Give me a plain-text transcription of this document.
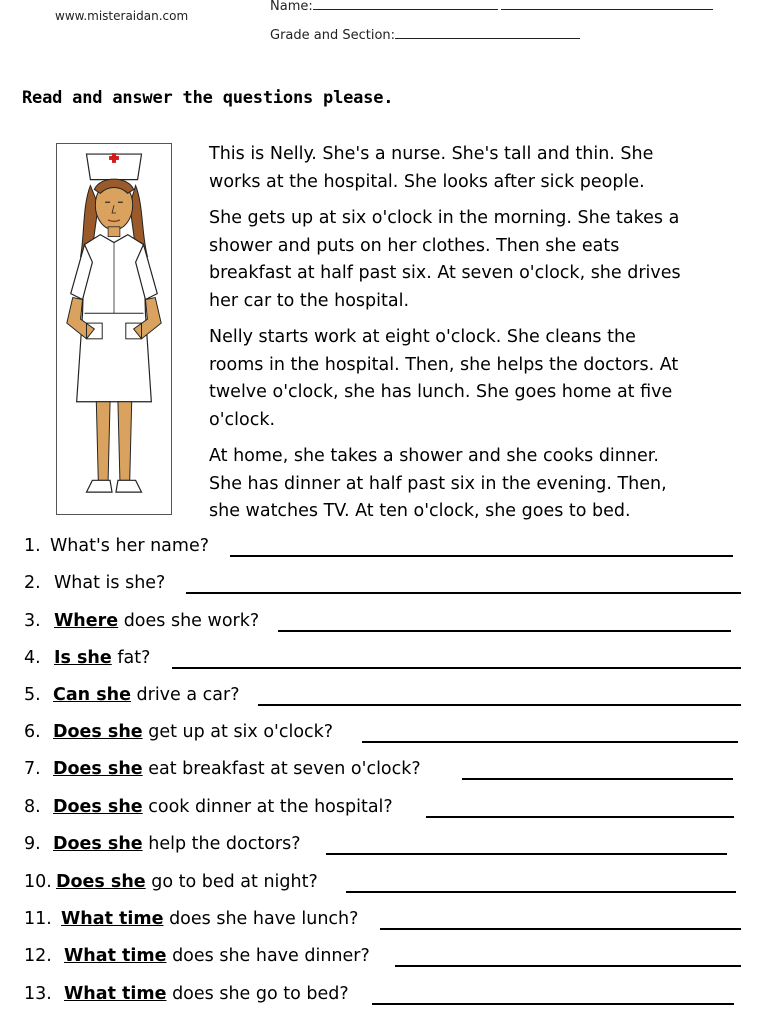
www.misteraidan.com
Name:
Grade and Section:
Read and answer the questions please.

This is Nelly. She's a nurse. She's tall and thin. She
works at the hospital. She looks after sick people.

She gets up at six o'clock in the morning. She takes a
shower and puts on her clothes. Then she eats
breakfast at half past six. At seven o'clock, she drives
her car to the hospital.

Nelly starts work at eight o'clock. She cleans the
rooms in the hospital. Then, she helps the doctors. At
twelve o'clock, she has lunch. She goes home at five
o'clock.

At home, she takes a shower and she cooks dinner.
She has dinner at half past six in the evening. Then,
she watches TV. At ten o'clock, she goes to bed.

1. What's her name?
2. What is she?
3. Where does she work?
4. Is she fat?
5. Can she drive a car?
6. Does she get up at six o'clock?
7. Does she eat breakfast at seven o'clock?
8. Does she cook dinner at the hospital?
9. Does she help the doctors?
10. Does she go to bed at night?
11. What time does she have lunch?
12. What time does she have dinner?
13. What time does she go to bed?
